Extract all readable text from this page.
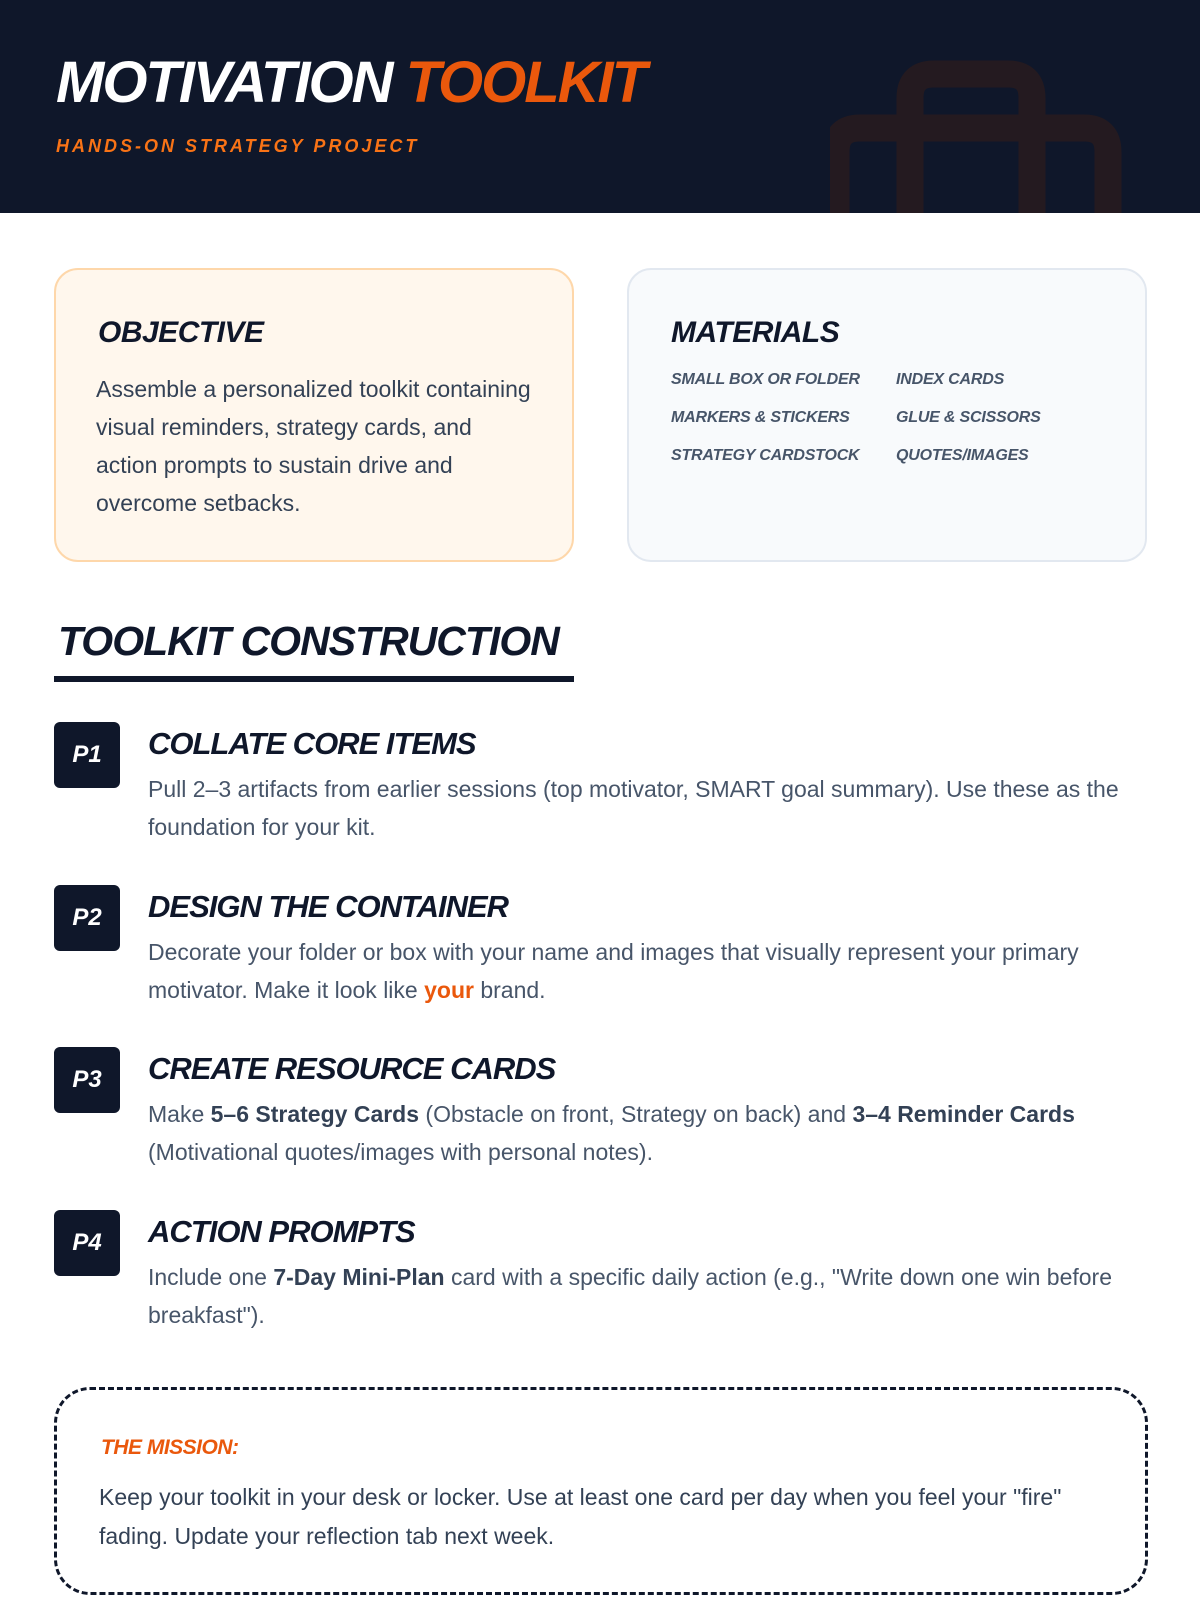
MOTIVATION TOOLKIT
HANDS-ON STRATEGY PROJECT
OBJECTIVE

Assemble a personalized toolkit containing visual reminders, strategy cards, and action prompts to sustain drive and overcome setbacks.

MATERIALS
SMALL BOX OR FOLDER	INDEX CARDS
MARKERS & STICKERS	GLUE & SCISSORS
STRATEGY CARDSTOCK	QUOTES/IMAGES
TOOLKIT CONSTRUCTION
P1	COLLATE CORE ITEMS
Pull 2–3 artifacts from earlier sessions (top motivator, SMART goal summary). Use these as the foundation for your kit.
P2	DESIGN THE CONTAINER
Decorate your folder or box with your name and images that visually represent your primary motivator. Make it look like your brand.
P3	CREATE RESOURCE CARDS
Make 5–6 Strategy Cards (Obstacle on front, Strategy on back) and 3–4 Reminder Cards (Motivational quotes/images with personal notes).
P4	ACTION PROMPTS
Include one 7-Day Mini-Plan card with a specific daily action (e.g., "Write down one win before breakfast").
THE MISSION:

Keep your toolkit in your desk or locker. Use at least one card per day when you feel your "fire" fading. Update your reflection tab next week.
